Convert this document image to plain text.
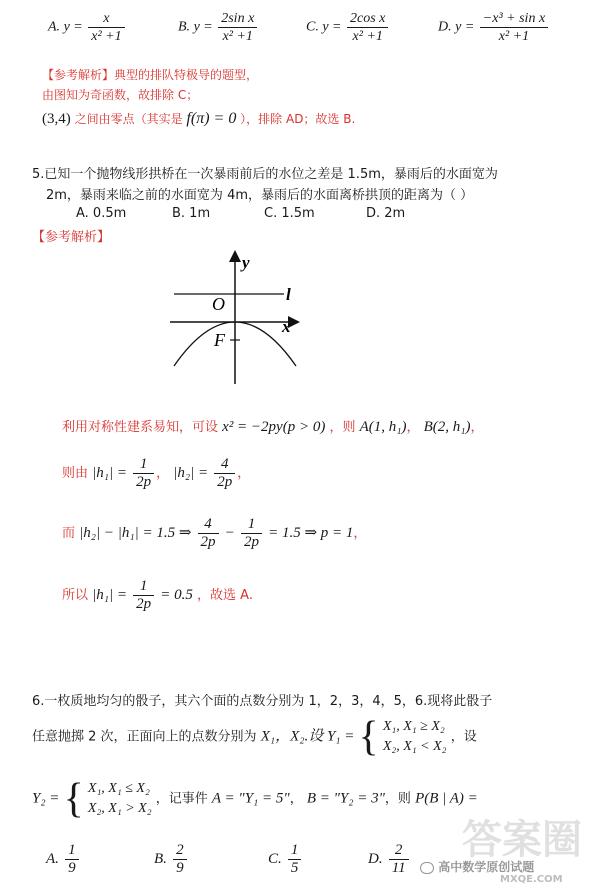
A. $y = \frac{x}{\text{x² +1}}$	B. $y = \frac{\text{2sin x}}{\text{x² +1}}$	C. $y = \frac{\text{2cos x}}{\text{x² +1}}$	D. $y = \frac{\text{−x³ + sin x}}{\text{x² +1}}$
【参考解析】典型的排队特极导的题型，
由图知为奇函数，故排除 C；
(3,4) 之间由零点（其实是 f(π) = 0 ），排除 AD；故选 B.
5.已知一个抛物线形拱桥在一次暴雨前后的水位之差是 1.5m，暴雨后的水面宽为
2m，暴雨来临之前的水面宽为 4m，暴雨后的水面离桥拱顶的距离为（ ）
A. 0.5m	B. 1m	C. 1.5m	D. 2m
【参考解析】
y
x
O
F
l
利用对称性建系易知，可设 x² = −2py(p > 0) ，则 A(1, h₁)， B(2, h₁)，
则由 $|h_1| = \frac{1}{2p}$ ， $|h_2| = \frac{4}{2p}$ ，
而 |h₂| − |h₁| = 1.5 ⇒ $\frac{4}{2p} - \frac{1}{2p} = 1.5$ ⇒ p = 1，
所以 $|h_1| = \frac{1}{2p} = 0.5$ ，故选 A.
6.一枚质地均匀的骰子，其六个面的点数分别为 1，2，3，4，5，6.现将此骰子
任意抛掷 2 次，正面向上的点数分别为 X₁，X₂.设 Y₁ = { X₁, X₁ ≥ X₂
X₂, X₁ < X₂
，设
Y₂ = { X₁, X₁ ≤ X₂
X₂, X₁ > X₂
，记事件 A = "Y₁ = 5"， B = "Y₂ = 3"，则 P(B | A) =
A. $\frac{1}{9}$	B. $\frac{2}{9}$	C. $\frac{1}{5}$	D. $\frac{2}{11}$ 答案圈
高中数学原创试题
MXQE.COM
